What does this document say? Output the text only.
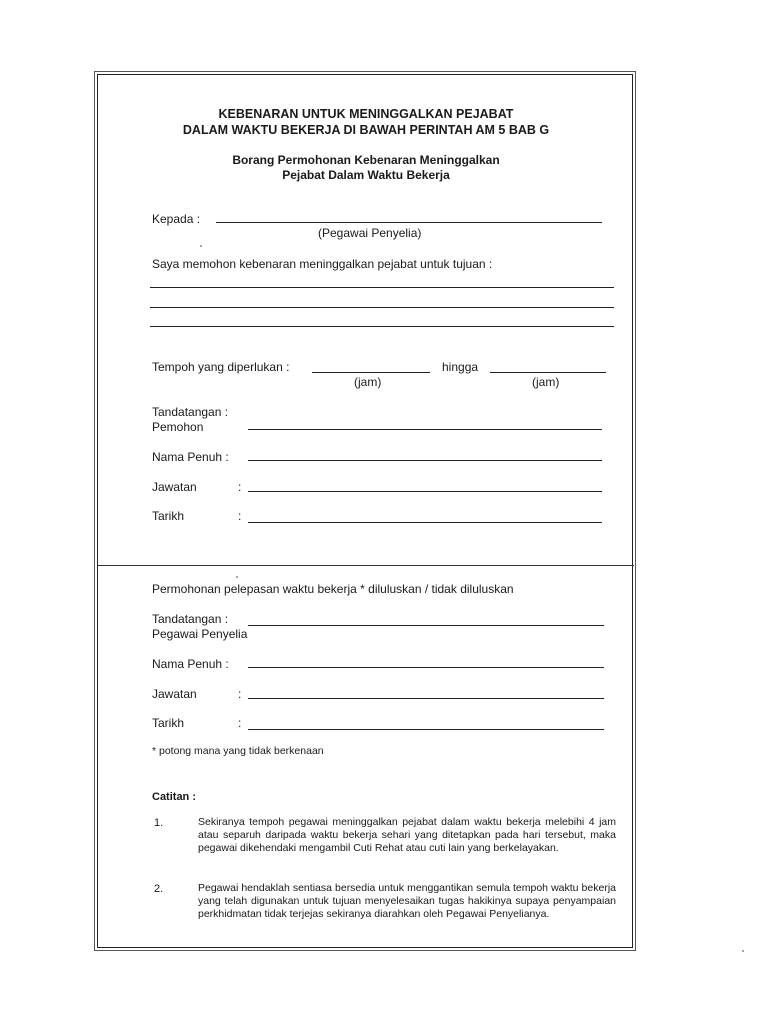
KEBENARAN UNTUK MENINGGALKAN PEJABAT
DALAM WAKTU BEKERJA DI BAWAH PERINTAH AM 5 BAB G
Borang Permohonan Kebenaran Meninggalkan
Pejabat Dalam Waktu Bekerja
Kepada :
(Pegawai Penyelia)
Saya memohon kebenaran meninggalkan pejabat untuk tujuan :
Tempoh yang diperlukan :
(jam)
hingga
(jam)
Tandatangan :
Pemohon
Nama Penuh :
Jawatan	:
Tarikh	:
Permohonan pelepasan waktu bekerja * diluluskan / tidak diluluskan
Tandatangan :
Pegawai Penyelia
Nama Penuh :
Jawatan	:
Tarikh	:
* potong mana yang tidak berkenaan
Catitan :
1.	Sekiranya tempoh pegawai meninggalkan pejabat dalam waktu bekerja melebihi 4 jam atau separuh daripada waktu bekerja sehari yang ditetapkan pada hari tersebut, maka pegawai dikehendaki mengambil Cuti Rehat atau cuti lain yang berkelayakan.
2.	Pegawai hendaklah sentiasa bersedia untuk menggantikan semula tempoh waktu bekerja yang telah digunakan untuk tujuan menyelesaikan tugas hakikinya supaya penyampaian perkhidmatan tidak terjejas sekiranya diarahkan oleh Pegawai Penyelianya.
